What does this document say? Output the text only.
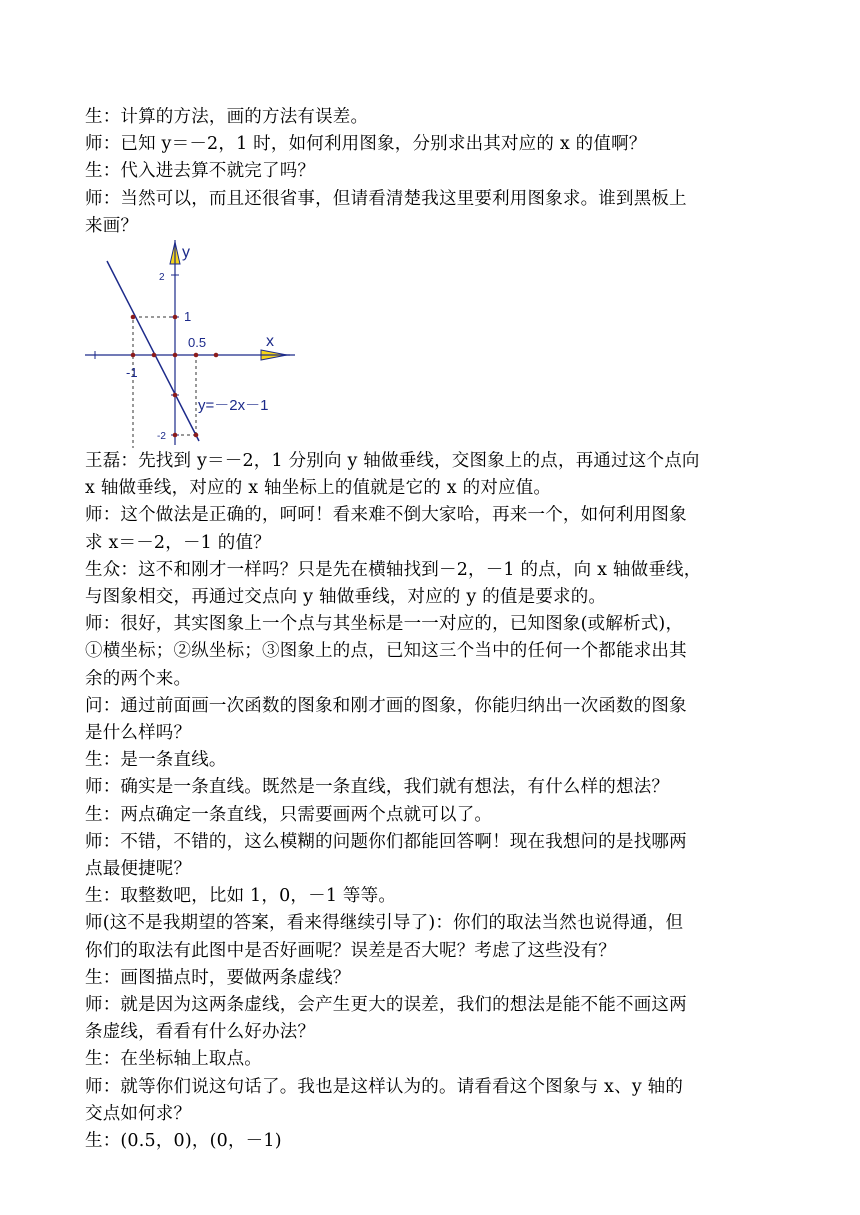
生：计算的方法，画的方法有误差。
师：已知 y＝－2，1 时，如何利用图象，分别求出其对应的 x 的值啊？
生：代入进去算不就完了吗？
师：当然可以，而且还很省事，但请看清楚我这里要利用图象求。谁到黑板上
来画？
y
x
2
1
0.5
-1
-2
y=－2x－1
王磊：先找到 y＝－2，1 分别向 y 轴做垂线，交图象上的点，再通过这个点向
x 轴做垂线，对应的 x 轴坐标上的值就是它的 x 的对应值。
师：这个做法是正确的，呵呵！看来难不倒大家哈，再来一个，如何利用图象
求 x＝－2，－1 的值？
生众：这不和刚才一样吗？只是先在横轴找到－2，－1 的点，向 x 轴做垂线，
与图象相交，再通过交点向 y 轴做垂线，对应的 y 的值是要求的。
师：很好，其实图象上一个点与其坐标是一一对应的，已知图象(或解析式)，
①横坐标；②纵坐标；③图象上的点，已知这三个当中的任何一个都能求出其
余的两个来。
问：通过前面画一次函数的图象和刚才画的图象，你能归纳出一次函数的图象
是什么样吗？
生：是一条直线。
师：确实是一条直线。既然是一条直线，我们就有想法，有什么样的想法？
生：两点确定一条直线，只需要画两个点就可以了。
师：不错，不错的，这么模糊的问题你们都能回答啊！现在我想问的是找哪两
点最便捷呢？
生：取整数吧，比如 1，0，－1 等等。
师(这不是我期望的答案，看来得继续引导了)：你们的取法当然也说得通，但
你们的取法有此图中是否好画呢？误差是否大呢？考虑了这些没有？
生：画图描点时，要做两条虚线？
师：就是因为这两条虚线，会产生更大的误差，我们的想法是能不能不画这两
条虚线，看看有什么好办法？
生：在坐标轴上取点。
师：就等你们说这句话了。我也是这样认为的。请看看这个图象与 x、y 轴的
交点如何求？
生：(0.5，0)，(0，－1)
